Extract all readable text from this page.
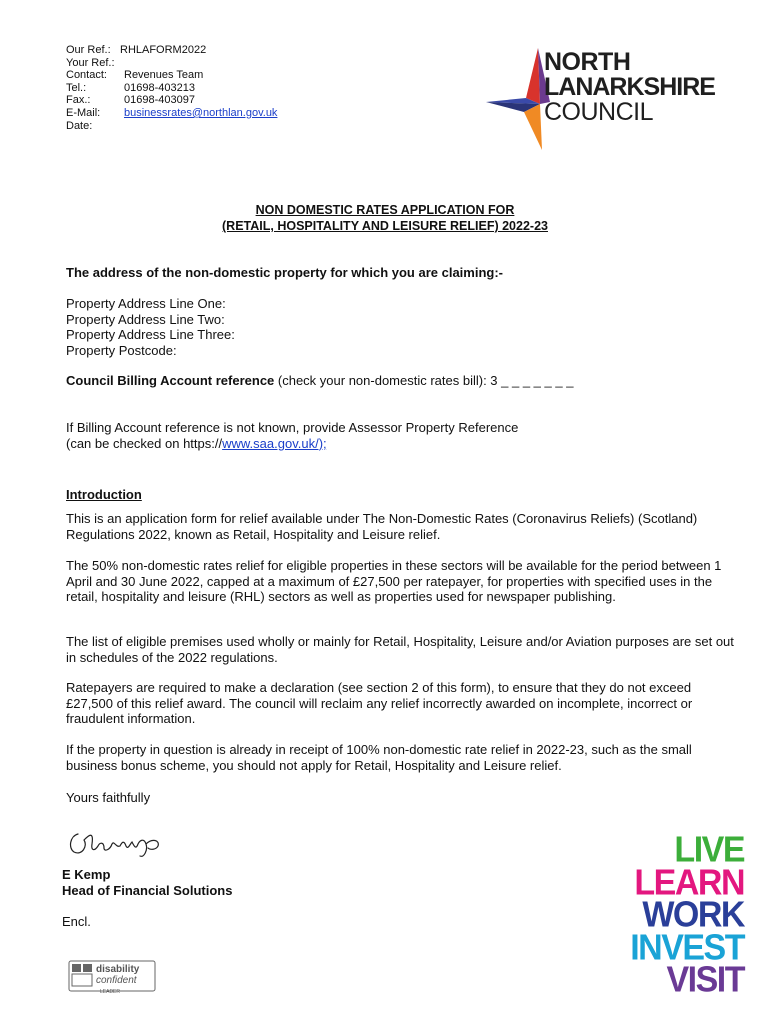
Our Ref.: RHLAFORM2022
Your Ref.:
Contact:	Revenues Team
Tel.:	01698-403213
Fax.:	01698-403097
E-Mail:	businessrates@northlan.gov.uk
Date:
NORTH
LANARKSHIRE
COUNCIL
NON DOMESTIC RATES APPLICATION FOR
(RETAIL, HOSPITALITY AND LEISURE RELIEF) 2022-23
The address of the non-domestic property for which you are claiming:-
Property Address Line One:
Property Address Line Two:
Property Address Line Three:
Property Postcode:
Council Billing Account reference (check your non-domestic rates bill): 3 _ _ _ _ _ _ _
If Billing Account reference is not known, provide Assessor Property Reference
(can be checked on https://www.saa.gov.uk/);
Introduction
This is an application form for relief available under The Non-Domestic Rates (Coronavirus Reliefs) (Scotland) Regulations 2022, known as Retail, Hospitality and Leisure relief.
The 50% non-domestic rates relief for eligible properties in these sectors will be available for the period between 1 April and 30 June 2022, capped at a maximum of £27,500 per ratepayer, for properties with specified uses in the retail, hospitality and leisure (RHL) sectors as well as properties used for newspaper publishing.
The list of eligible premises used wholly or mainly for Retail, Hospitality, Leisure and/or Aviation purposes are set out in schedules of the 2022 regulations.
Ratepayers are required to make a declaration (see section 2 of this form), to ensure that they do not exceed £27,500 of this relief award. The council will reclaim any relief incorrectly awarded on incomplete, incorrect or fraudulent information.
If the property in question is already in receipt of 100% non-domestic rate relief in 2022-23, such as the small business bonus scheme, you should not apply for Retail, Hospitality and Leisure relief.
Yours faithfully
E Kemp
Head of Financial Solutions
Encl.
disability
confident
LEADER
LIVE
LEARN
WORK
INVEST
VISIT
